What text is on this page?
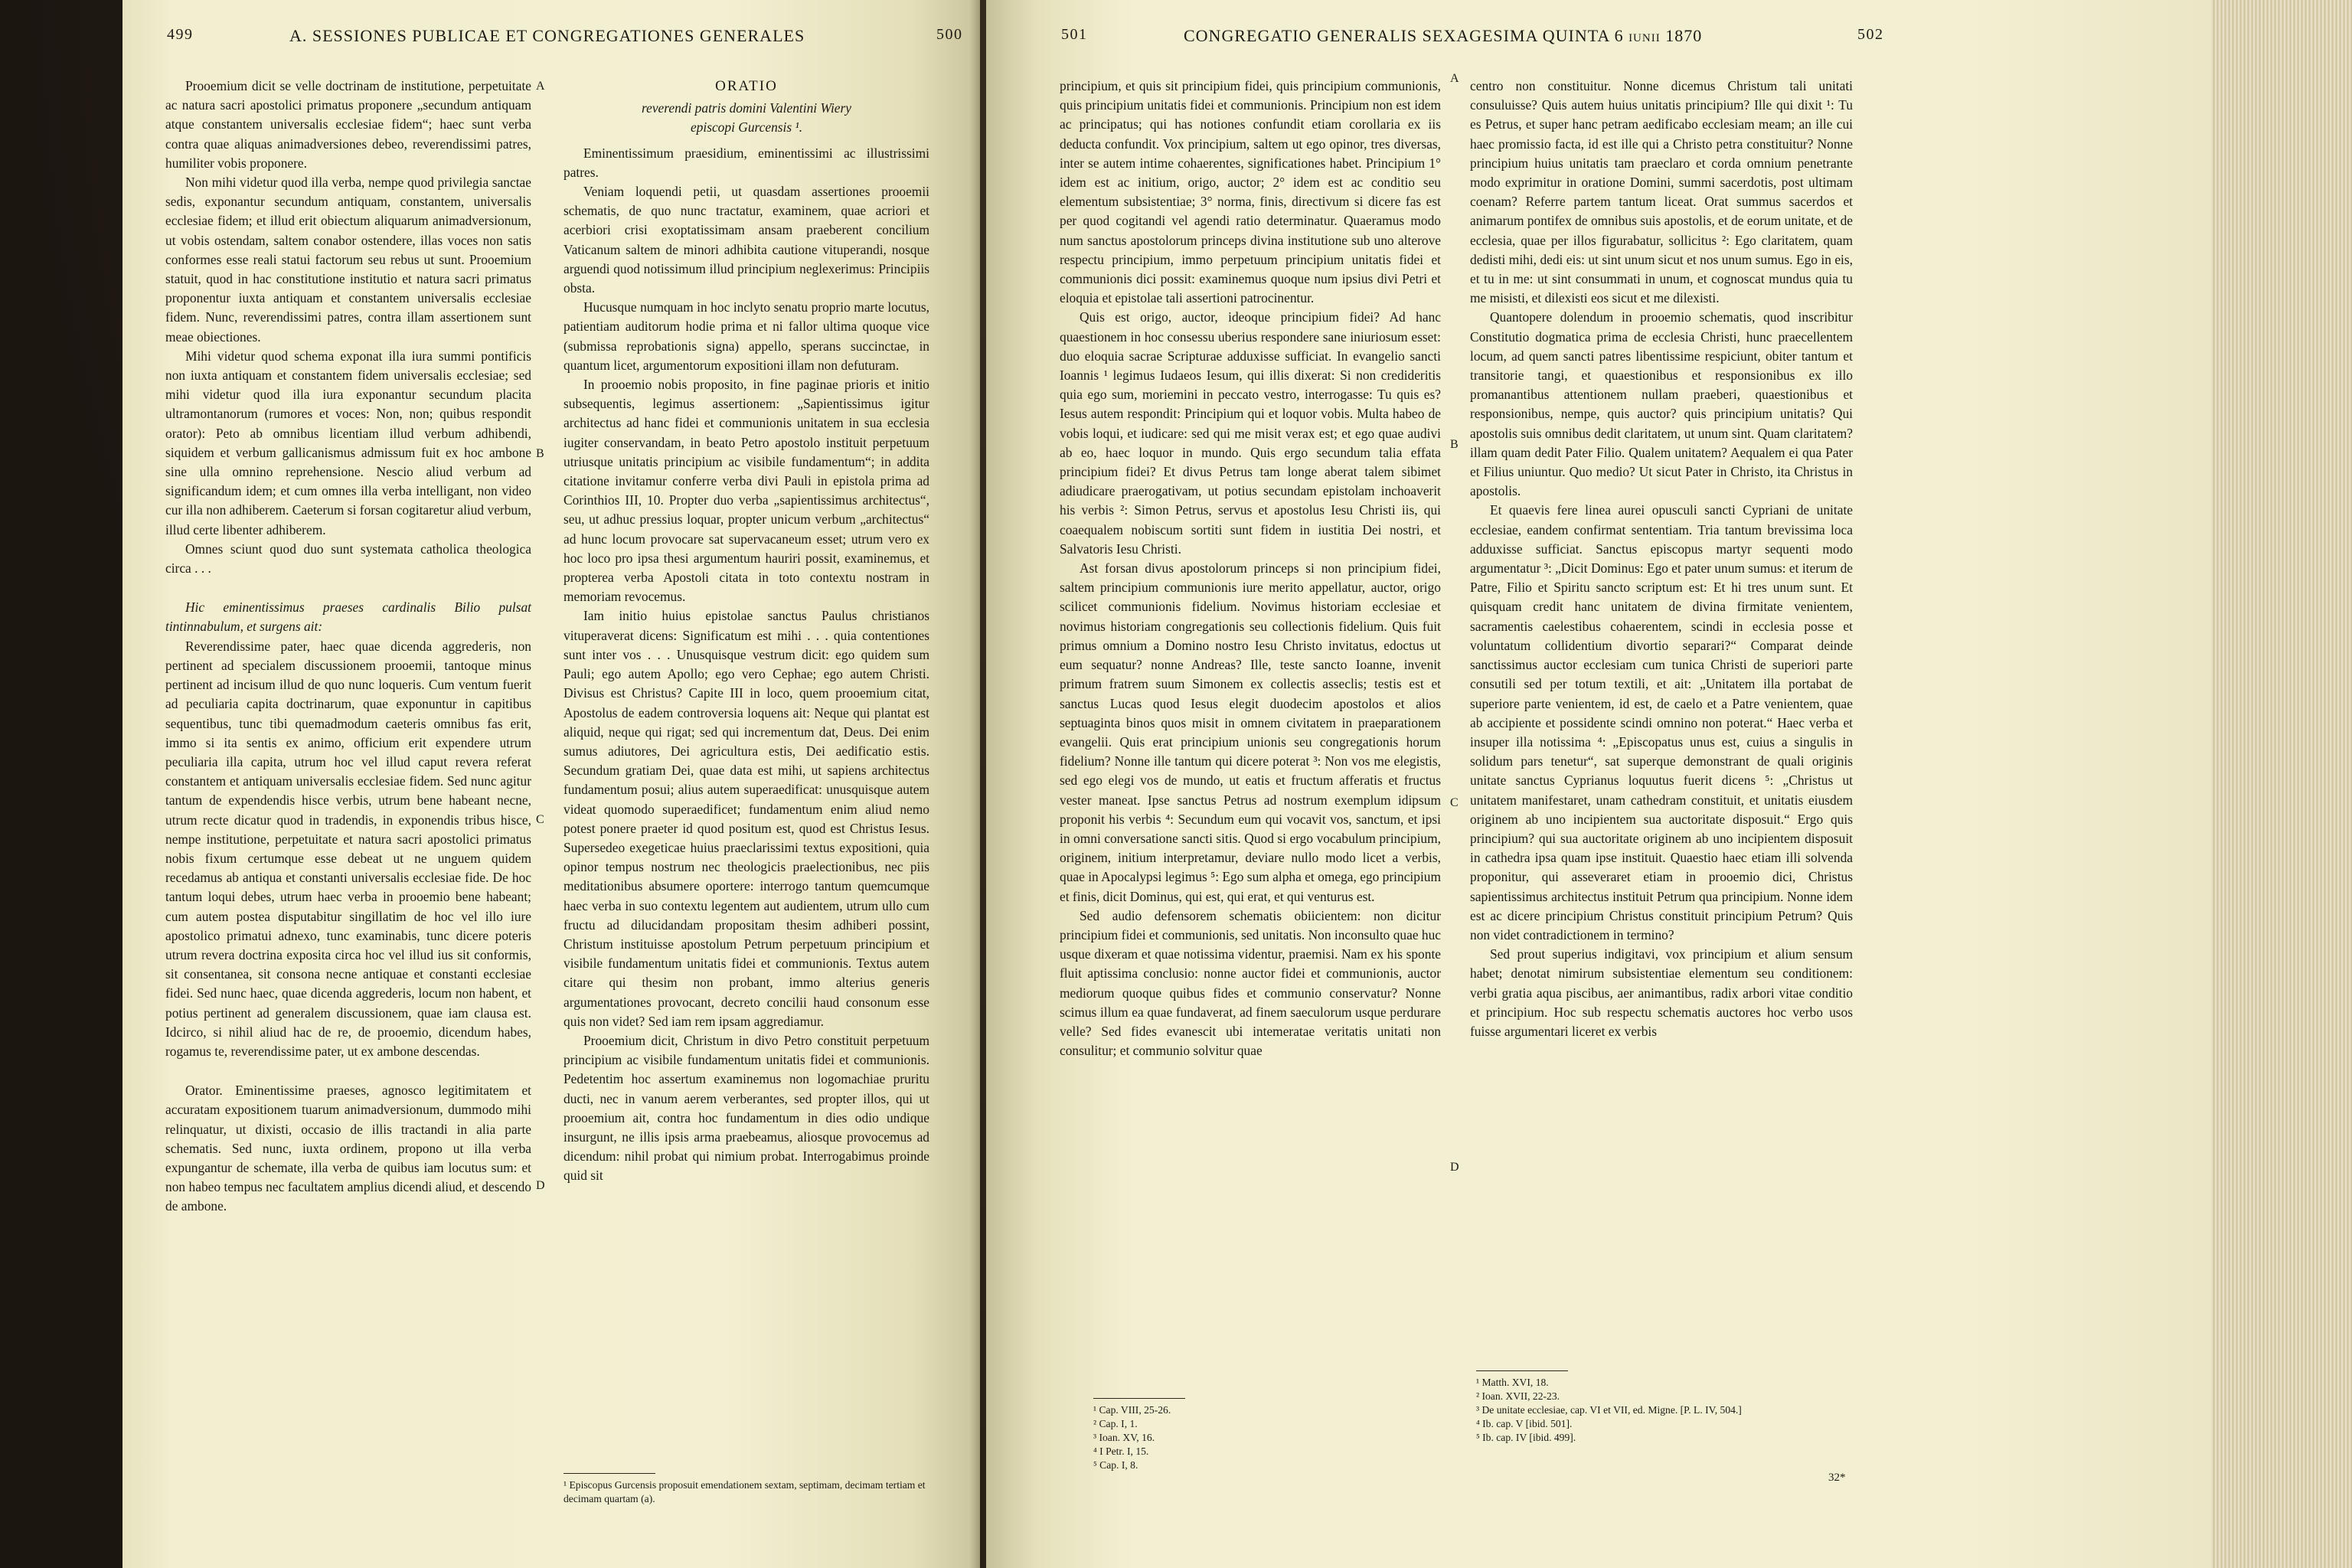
499	A. SESSIONES PUBLICAE ET CONGREGATIONES GENERALES	500

Prooemium dicit se velle doctrinam de institutione, perpetuitate ac natura sacri apostolici primatus proponere „secundum antiquam atque constantem universalis ecclesiae fidem“; haec sunt verba contra quae aliquas animadversiones debeo, reverendissimi patres, humiliter vobis proponere.

Non mihi videtur quod illa verba, nempe quod privilegia sanctae sedis, exponantur secundum antiquam, constantem, universalis ecclesiae fidem; et illud erit obiectum aliquarum animadversionum, ut vobis ostendam, saltem conabor ostendere, illas voces non satis conformes esse reali statui factorum seu rebus ut sunt. Prooemium statuit, quod in hac constitutione institutio et natura sacri primatus proponentur iuxta antiquam et constantem universalis ecclesiae fidem. Nunc, reverendissimi patres, contra illam assertionem sunt meae obiectiones.

Mihi videtur quod schema exponat illa iura summi pontificis non iuxta antiquam et constantem fidem universalis ecclesiae; sed mihi videtur quod illa iura exponantur secundum placita ultramontanorum (rumores et voces: Non, non; quibus respondit orator): Peto ab omnibus licentiam illud verbum adhibendi, siquidem et verbum gallicanismus admissum fuit ex hoc ambone sine ulla omnino reprehensione. Nescio aliud verbum ad significandum idem; et cum omnes illa verba intelligant, non video cur illa non adhiberem. Caeterum si forsan cogitaretur aliud verbum, illud certe libenter adhiberem.

Omnes sciunt quod duo sunt systemata catholica theologica circa . . .

Hic eminentissimus praeses cardinalis Bilio pulsat tintinnabulum, et surgens ait:

Reverendissime pater, haec quae dicenda aggrederis, non pertinent ad specialem discussionem prooemii, tantoque minus pertinent ad incisum illud de quo nunc loqueris. Cum ventum fuerit ad peculiaria capita doctrinarum, quae exponuntur in capitibus sequentibus, tunc tibi quemadmodum caeteris omnibus fas erit, immo si ita sentis ex animo, officium erit expendere utrum peculiaria illa capita, utrum hoc vel illud caput revera referat constantem et antiquam universalis ecclesiae fidem. Sed nunc agitur tantum de expendendis hisce verbis, utrum bene habeant necne, utrum recte dicatur quod in tradendis, in exponendis tribus hisce, nempe institutione, perpetuitate et natura sacri apostolici primatus nobis fixum certumque esse debeat ut ne unguem quidem recedamus ab antiqua et constanti universalis ecclesiae fide. De hoc tantum loqui debes, utrum haec verba in prooemio bene habeant; cum autem postea disputabitur singillatim de hoc vel illo iure apostolico primatui adnexo, tunc examinabis, tunc dicere poteris utrum revera doctrina exposita circa hoc vel illud ius sit conformis, sit consentanea, sit consona necne antiquae et constanti ecclesiae fidei. Sed nunc haec, quae dicenda aggrederis, locum non habent, et potius pertinent ad generalem discussionem, quae iam clausa est. Idcirco, si nihil aliud hac de re, de prooemio, dicendum habes, rogamus te, reverendissime pater, ut ex ambone descendas.

Orator. Eminentissime praeses, agnosco legitimitatem et accuratam expositionem tuarum animadversionum, dummodo mihi relinquatur, ut dixisti, occasio de illis tractandi in alia parte schematis. Sed nunc, iuxta ordinem, propono ut illa verba expungantur de schemate, illa verba de quibus iam locutus sum: et non habeo tempus nec facultatem amplius dicendi aliud, et descendo de ambone.

ORATIO

reverendi patris domini Valentini Wiery

episcopi Gurcensis ¹.

Eminentissimum praesidium, eminentissimi ac illustrissimi patres.

Veniam loquendi petii, ut quasdam assertiones prooemii schematis, de quo nunc tractatur, examinem, quae acriori et acerbiori crisi exoptatissimam ansam praeberent concilium Vaticanum saltem de minori adhibita cautione vituperandi, nosque arguendi quod notissimum illud principium neglexerimus: Principiis obsta.

Hucusque numquam in hoc inclyto senatu proprio marte locutus, patientiam auditorum hodie prima et ni fallor ultima quoque vice (submissa reprobationis signa) appello, sperans succinctae, in quantum licet, argumentorum expositioni illam non defuturam.

In prooemio nobis proposito, in fine paginae prioris et initio subsequentis, legimus assertionem: „Sapientissimus igitur architectus ad hanc fidei et communionis unitatem in sua ecclesia iugiter conservandam, in beato Petro apostolo instituit perpetuum utriusque unitatis principium ac visibile fundamentum“; in addita citatione invitamur conferre verba divi Pauli in epistola prima ad Corinthios III, 10. Propter duo verba „sapientissimus architectus“, seu, ut adhuc pressius loquar, propter unicum verbum „architectus“ ad hunc locum provocare sat supervacaneum esset; utrum vero ex hoc loco pro ipsa thesi argumentum hauriri possit, examinemus, et propterea verba Apostoli citata in toto contextu nostram in memoriam revocemus.

Iam initio huius epistolae sanctus Paulus christianos vituperaverat dicens: Significatum est mihi . . . quia contentiones sunt inter vos . . . Unusquisque vestrum dicit: ego quidem sum Pauli; ego autem Apollo; ego vero Cephae; ego autem Christi. Divisus est Christus? Capite III in loco, quem prooemium citat, Apostolus de eadem controversia loquens ait: Neque qui plantat est aliquid, neque qui rigat; sed qui incrementum dat, Deus. Dei enim sumus adiutores, Dei agricultura estis, Dei aedificatio estis. Secundum gratiam Dei, quae data est mihi, ut sapiens architectus fundamentum posui; alius autem superaedificat: unusquisque autem videat quomodo superaedificet; fundamentum enim aliud nemo potest ponere praeter id quod positum est, quod est Christus Iesus. Supersedeo exegeticae huius praeclarissimi textus expositioni, quia opinor tempus nostrum nec theologicis praelectionibus, nec piis meditationibus absumere oportere: interrogo tantum quemcumque haec verba in suo contextu legentem aut audientem, utrum ullo cum fructu ad dilucidandam propositam thesim adhiberi possint, Christum instituisse apostolum Petrum perpetuum principium et visibile fundamentum unitatis fidei et communionis. Textus autem citare qui thesim non probant, immo alterius generis argumentationes provocant, decreto concilii haud consonum esse quis non videt? Sed iam rem ipsam aggrediamur.

Prooemium dicit, Christum in divo Petro constituit perpetuum principium ac visibile fundamentum unitatis fidei et communionis. Pedetentim hoc assertum examinemus non logomachiae pruritu ducti, nec in vanum aerem verberantes, sed propter illos, qui ut prooemium ait, contra hoc fundamentum in dies odio undique insurgunt, ne illis ipsis arma praebeamus, aliosque provocemus ad dicendum: nihil probat qui nimium probat. Interrogabimus proinde quid sit

¹ Episcopus Gurcensis proposuit emendationem sextam, septimam, decimam tertiam et decimam quartam (a).
A
B
C
D
501	CONGREGATIO GENERALIS SEXAGESIMA QUINTA 6 iunii 1870	502

principium, et quis sit principium fidei, quis principium communionis, quis principium unitatis fidei et communionis. Principium non est idem ac principatus; qui has notiones confundit etiam corollaria ex iis deducta confundit. Vox principium, saltem ut ego opinor, tres diversas, inter se autem intime cohaerentes, significationes habet. Principium 1° idem est ac initium, origo, auctor; 2° idem est ac conditio seu elementum subsistentiae; 3° norma, finis, directivum si dicere fas est per quod cogitandi vel agendi ratio determinatur. Quaeramus modo num sanctus apostolorum princeps divina institutione sub uno alterove respectu principium, immo perpetuum principium unitatis fidei et communionis dici possit: examinemus quoque num ipsius divi Petri et eloquia et epistolae tali assertioni patrocinentur.

Quis est origo, auctor, ideoque principium fidei? Ad hanc quaestionem in hoc consessu uberius respondere sane iniuriosum esset: duo eloquia sacrae Scripturae adduxisse sufficiat. In evangelio sancti Ioannis ¹ legimus Iudaeos Iesum, qui illis dixerat: Si non credideritis quia ego sum, moriemini in peccato vestro, interrogasse: Tu quis es? Iesus autem respondit: Principium qui et loquor vobis. Multa habeo de vobis loqui, et iudicare: sed qui me misit verax est; et ego quae audivi ab eo, haec loquor in mundo. Quis ergo secundum talia effata principium fidei? Et divus Petrus tam longe aberat talem sibimet adiudicare praerogativam, ut potius secundam epistolam inchoaverit his verbis ²: Simon Petrus, servus et apostolus Iesu Christi iis, qui coaequalem nobiscum sortiti sunt fidem in iustitia Dei nostri, et Salvatoris Iesu Christi.

Ast forsan divus apostolorum princeps si non principium fidei, saltem principium communionis iure merito appellatur, auctor, origo scilicet communionis fidelium. Novimus historiam ecclesiae et novimus historiam congregationis seu collectionis fidelium. Quis fuit primus omnium a Domino nostro Iesu Christo invitatus, edoctus ut eum sequatur? nonne Andreas? Ille, teste sancto Ioanne, invenit primum fratrem suum Simonem ex collectis asseclis; testis est et sanctus Lucas quod Iesus elegit duodecim apostolos et alios septuaginta binos quos misit in omnem civitatem in praeparationem evangelii. Quis erat principium unionis seu congregationis horum fidelium? Nonne ille tantum qui dicere poterat ³: Non vos me elegistis, sed ego elegi vos de mundo, ut eatis et fructum afferatis et fructus vester maneat. Ipse sanctus Petrus ad nostrum exemplum idipsum proponit his verbis ⁴: Secundum eum qui vocavit vos, sanctum, et ipsi in omni conversatione sancti sitis. Quod si ergo vocabulum principium, originem, initium interpretamur, deviare nullo modo licet a verbis, quae in Apocalypsi legimus ⁵: Ego sum alpha et omega, ego principium et finis, dicit Dominus, qui est, qui erat, et qui venturus est.

Sed audio defensorem schematis obiicientem: non dicitur principium fidei et communionis, sed unitatis. Non inconsulto quae huc usque dixeram et quae notissima videntur, praemisi. Nam ex his sponte fluit aptissima conclusio: nonne auctor fidei et communionis, auctor mediorum quoque quibus fides et communio conservatur? Nonne scimus illum ea quae fundaverat, ad finem saeculorum usque perdurare velle? Sed fides evanescit ubi intemeratae veritatis unitati non consulitur; et communio solvitur quae

centro non constituitur. Nonne dicemus Christum tali unitati consuluisse? Quis autem huius unitatis principium? Ille qui dixit ¹: Tu es Petrus, et super hanc petram aedificabo ecclesiam meam; an ille cui haec promissio facta, id est ille qui a Christo petra constituitur? Nonne principium huius unitatis tam praeclaro et corda omnium penetrante modo exprimitur in oratione Domini, summi sacerdotis, post ultimam coenam? Referre partem tantum liceat. Orat summus sacerdos et animarum pontifex de omnibus suis apostolis, et de eorum unitate, et de ecclesia, quae per illos figurabatur, sollicitus ²: Ego claritatem, quam dedisti mihi, dedi eis: ut sint unum sicut et nos unum sumus. Ego in eis, et tu in me: ut sint consummati in unum, et cognoscat mundus quia tu me misisti, et dilexisti eos sicut et me dilexisti.

Quantopere dolendum in prooemio schematis, quod inscribitur Constitutio dogmatica prima de ecclesia Christi, hunc praecellentem locum, ad quem sancti patres libentissime respiciunt, obiter tantum et transitorie tangi, et quaestionibus et responsionibus ex illo promanantibus attentionem nullam praeberi, quaestionibus et responsionibus, nempe, quis auctor? quis principium unitatis? Qui apostolis suis omnibus dedit claritatem, ut unum sint. Quam claritatem? illam quam dedit Pater Filio. Qualem unitatem? Aequalem ei qua Pater et Filius uniuntur. Quo medio? Ut sicut Pater in Christo, ita Christus in apostolis.

Et quaevis fere linea aurei opusculi sancti Cypriani de unitate ecclesiae, eandem confirmat sententiam. Tria tantum brevissima loca adduxisse sufficiat. Sanctus episcopus martyr sequenti modo argumentatur ³: „Dicit Dominus: Ego et pater unum sumus: et iterum de Patre, Filio et Spiritu sancto scriptum est: Et hi tres unum sunt. Et quisquam credit hanc unitatem de divina firmitate venientem, sacramentis caelestibus cohaerentem, scindi in ecclesia posse et voluntatum collidentium divortio separari?“ Comparat deinde sanctissimus auctor ecclesiam cum tunica Christi de superiori parte consutili sed per totum textili, et ait: „Unitatem illa portabat de superiore parte venientem, id est, de caelo et a Patre venientem, quae ab accipiente et possidente scindi omnino non poterat.“ Haec verba et insuper illa notissima ⁴: „Episcopatus unus est, cuius a singulis in solidum pars tenetur“, sat superque demonstrant de quali originis unitate sanctus Cyprianus loquutus fuerit dicens ⁵: „Christus ut unitatem manifestaret, unam cathedram constituit, et unitatis eiusdem originem ab uno incipientem sua auctoritate disposuit.“ Ergo quis principium? qui sua auctoritate originem ab uno incipientem disposuit in cathedra ipsa quam ipse instituit. Quaestio haec etiam illi solvenda proponitur, qui asseveraret etiam in prooemio dici, Christus sapientissimus architectus instituit Petrum qua principium. Nonne idem est ac dicere principium Christus constituit principium Petrum? Quis non videt contradictionem in termino?

Sed prout superius indigitavi, vox principium et alium sensum habet; denotat nimirum subsistentiae elementum seu conditionem: verbi gratia aqua piscibus, aer animantibus, radix arbori vitae conditio et principium. Hoc sub respectu schematis auctores hoc verbo usos fuisse argumentari liceret ex verbis

¹ Cap. VIII, 25-26.
² Cap. I, 1.
³ Ioan. XV, 16.
⁴ I Petr. I, 15.
⁵ Cap. I, 8.
¹ Matth. XVI, 18.
² Ioan. XVII, 22-23.
³ De unitate ecclesiae, cap. VI et VII, ed. Migne. [P. L. IV, 504.]
⁴ Ib. cap. V [ibid. 501].
⁵ Ib. cap. IV [ibid. 499].
32*
A
B
C
D
